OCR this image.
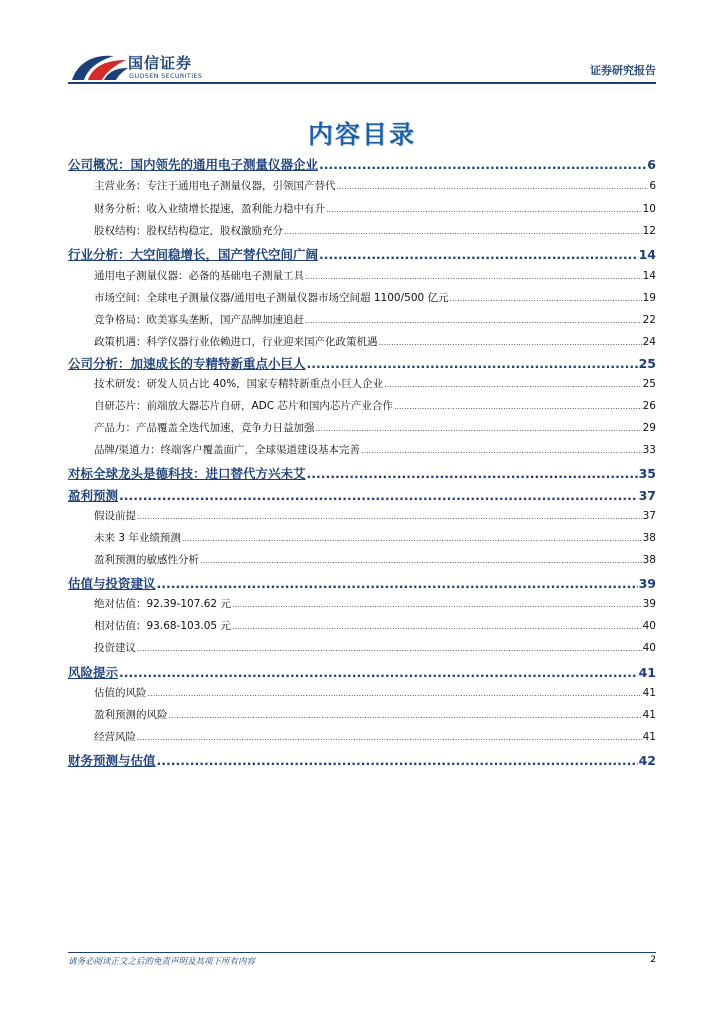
国信证券
GUOSEN SECURITIES	证券研究报告
内容目录
公司概况：国内领先的通用电子测量仪器企业 .....	6
主营业务：专注于通用电子测量仪器，引领国产替代 .....	6
财务分析：收入业绩增长提速，盈利能力稳中有升 .....	10
股权结构：股权结构稳定，股权激励充分 .....	12
行业分析：大空间稳增长，国产替代空间广阔 .....	14
通用电子测量仪器：必备的基础电子测量工具 .....	14
市场空间：全球电子测量仪器/通用电子测量仪器市场空间超 1100/500 亿元 .....	19
竞争格局：欧美寡头垄断，国产品牌加速追赶 .....	22
政策机遇：科学仪器行业依赖进口，行业迎来国产化政策机遇 .....	24
公司分析：加速成长的专精特新重点小巨人 .....	25
技术研发：研发人员占比 40%，国家专精特新重点小巨人企业 .....	25
自研芯片：前端放大器芯片自研，ADC 芯片和国内芯片产业合作 .....	26
产品力：产品覆盖全迭代加速，竞争力日益加强 .....	29
品牌/渠道力：终端客户覆盖面广，全球渠道建设基本完善 .....	33
对标全球龙头是德科技：进口替代方兴未艾 .....	35
盈利预测 .....	37
假设前提 .....	37
未来 3 年业绩预测 .....	38
盈利预测的敏感性分析 .....	38
估值与投资建议 .....	39
绝对估值：92.39-107.62 元 .....	39
相对估值：93.68-103.05 元 .....	40
投资建议 .....	40
风险提示 .....	41
估值的风险 .....	41
盈利预测的风险 .....	41
经营风险 .....	41
财务预测与估值 .....	42
请务必阅读正文之后的免责声明及其项下所有内容	2
